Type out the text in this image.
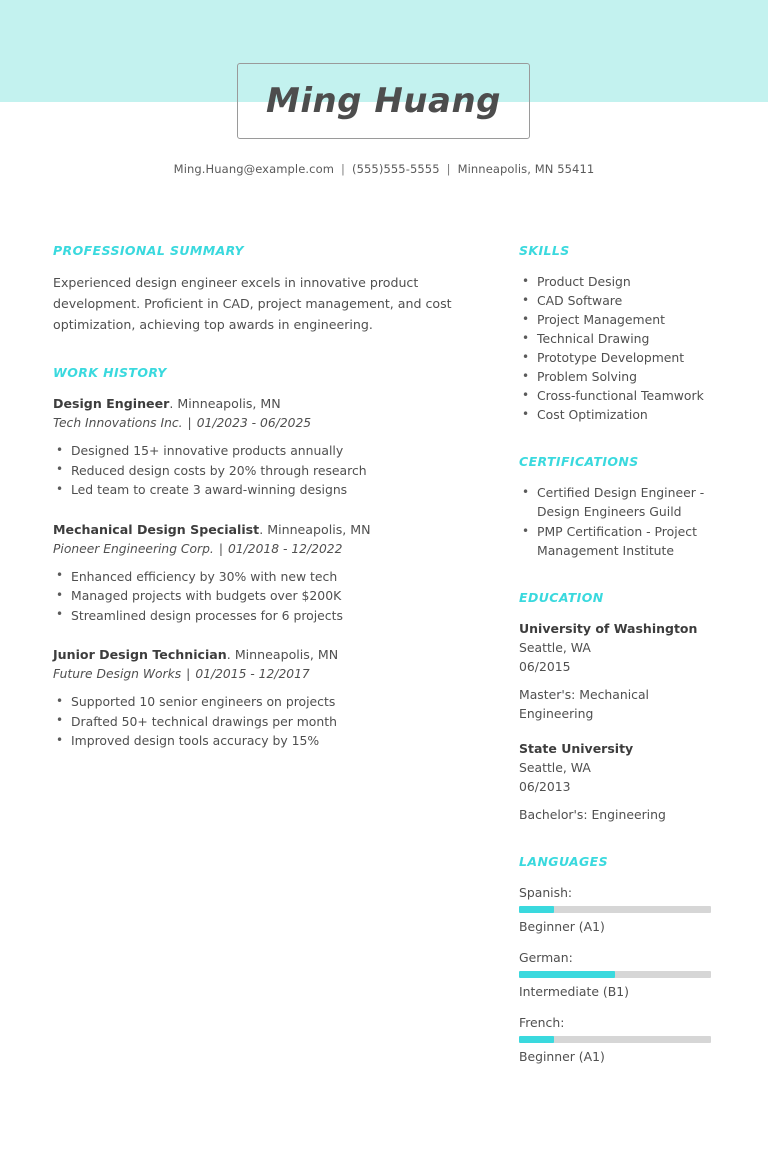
Ming Huang
Ming.Huang@example.com | (555)555-5555 | Minneapolis, MN 55411
PROFESSIONAL SUMMARY

Experienced design engineer excels in innovative product development. Proficient in CAD, project management, and cost optimization, achieving top awards in engineering.

WORK HISTORY
Design Engineer. Minneapolis, MN
Tech Innovations Inc. | 01/2023 - 06/2025
• Designed 15+ innovative products annually
• Reduced design costs by 20% through research
• Led team to create 3 award-winning designs
Mechanical Design Specialist. Minneapolis, MN
Pioneer Engineering Corp. | 01/2018 - 12/2022
• Enhanced efficiency by 30% with new tech
• Managed projects with budgets over $200K
• Streamlined design processes for 6 projects
Junior Design Technician. Minneapolis, MN
Future Design Works | 01/2015 - 12/2017
• Supported 10 senior engineers on projects
• Drafted 50+ technical drawings per month
• Improved design tools accuracy by 15%
SKILLS
• Product Design
• CAD Software
• Project Management
• Technical Drawing
• Prototype Development
• Problem Solving
• Cross-functional Teamwork
• Cost Optimization
CERTIFICATIONS
• Certified Design Engineer - Design Engineers Guild
• PMP Certification - Project Management Institute
EDUCATION
University of Washington
Seattle, WA
06/2015
Master's: Mechanical Engineering
State University
Seattle, WA
06/2013
Bachelor's: Engineering
LANGUAGES
Spanish:
Beginner (A1)
German:
Intermediate (B1)
French:
Beginner (A1)
